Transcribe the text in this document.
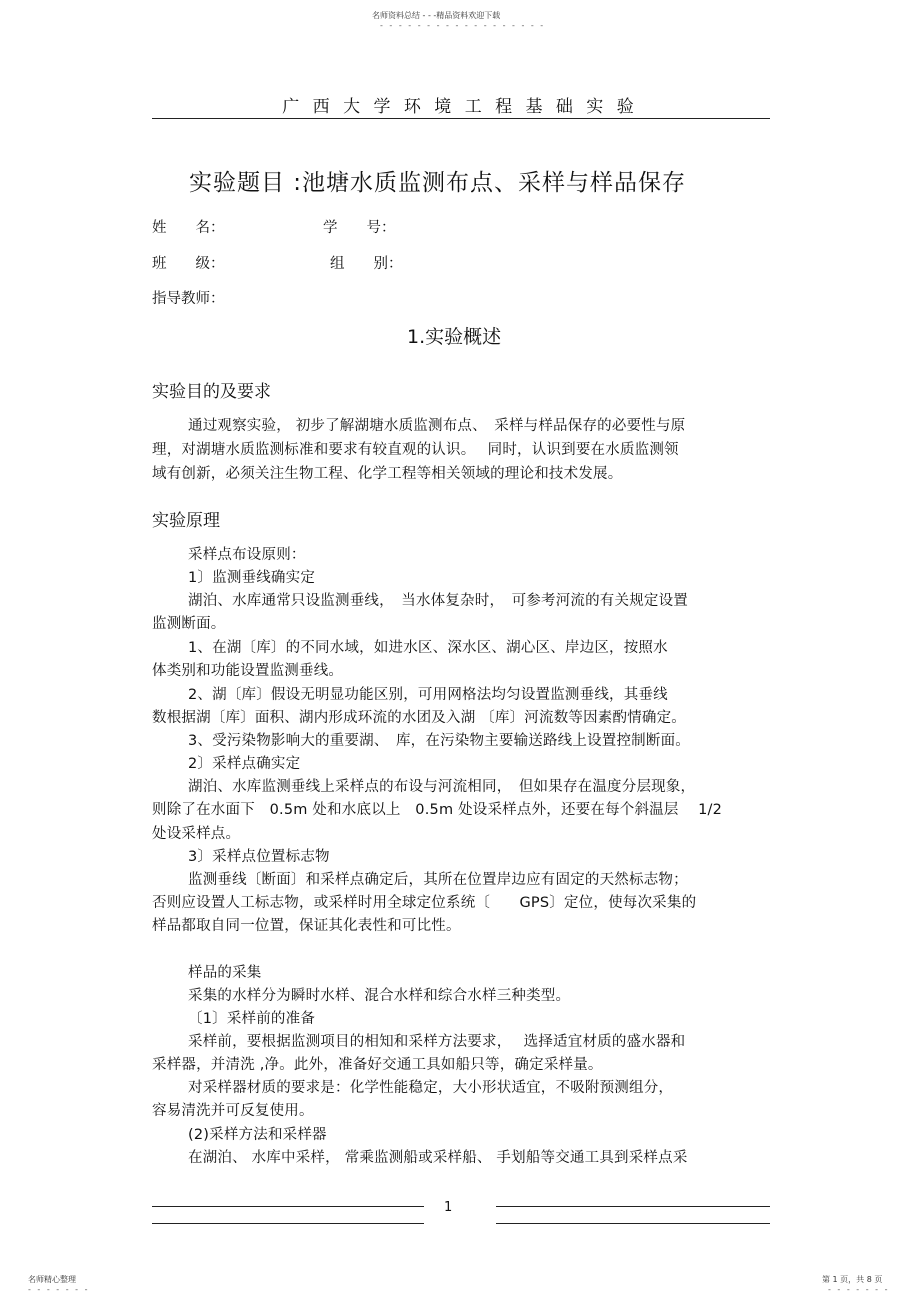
名师资料总结 - - -精品资料欢迎下载
- - - - - - - - - - - - - - - - - -
广 西 大 学 环 境 工 程 基 础 实 验
实验题目 :池塘水质监测布点、采样与样品保存
姓　　名：	学　　号：
班　　级：	组　　别：
指导教师：
1.实验概述
实验目的及要求
通过观察实验， 初步了解湖塘水质监测布点、　采样与样品保存的必要性与原
理，对湖塘水质监测标准和要求有较直观的认识。　 同时，认识到要在水质监测领
域有创新，必须关注生物工程、化学工程等相关领域的理论和技术发展。
实验原理
采样点布设原则：
1〕监测垂线确实定
湖泊、水库通常只设监测垂线，　当水体复杂时，　可参考河流的有关规定设置
监测断面。
1、在湖〔库〕的不同水域，如进水区、深水区、湖心区、岸边区，按照水
体类别和功能设置监测垂线。
2、湖〔库〕假设无明显功能区别，可用网格法均匀设置监测垂线，其垂线
数根据湖〔库〕面积、湖内形成环流的水团及入湖 〔库〕河流数等因素酌情确定。
3、受污染物影响大的重要湖、　库，在污染物主要输送路线上设置控制断面。
2〕采样点确实定
湖泊、水库监测垂线上采样点的布设与河流相同，　但如果存在温度分层现象，
则除了在水面下　0.5m 处和水底以上　0.5m 处设采样点外，还要在每个斜温层　 1/2
处设采样点。
3〕采样点位置标志物
监测垂线〔断面〕和采样点确定后，其所在位置岸边应有固定的天然标志物；
否则应设置人工标志物，或采样时用全球定位系统〔　　GPS〕定位，使每次采集的
样品都取自同一位置，保证其化表性和可比性。
样品的采集
采集的水样分为瞬时水样、混合水样和综合水样三种类型。
〔1〕采样前的准备
采样前，要根据监测项目的相知和采样方法要求，　 选择适宜材质的盛水器和
采样器，并清洗 ,净。此外，准备好交通工具如船只等，确定采样量。
对采样器材质的要求是：化学性能稳定，大小形状适宜，不吸附预测组分，
容易清洗并可反复使用。
(2)采样方法和采样器
在湖泊、 水库中采样， 常乘监测船或采样船、 手划船等交通工具到采样点采
1
名师精心整理
- - - - - - -
第 1 页，共 8 页
- - - - - - -
